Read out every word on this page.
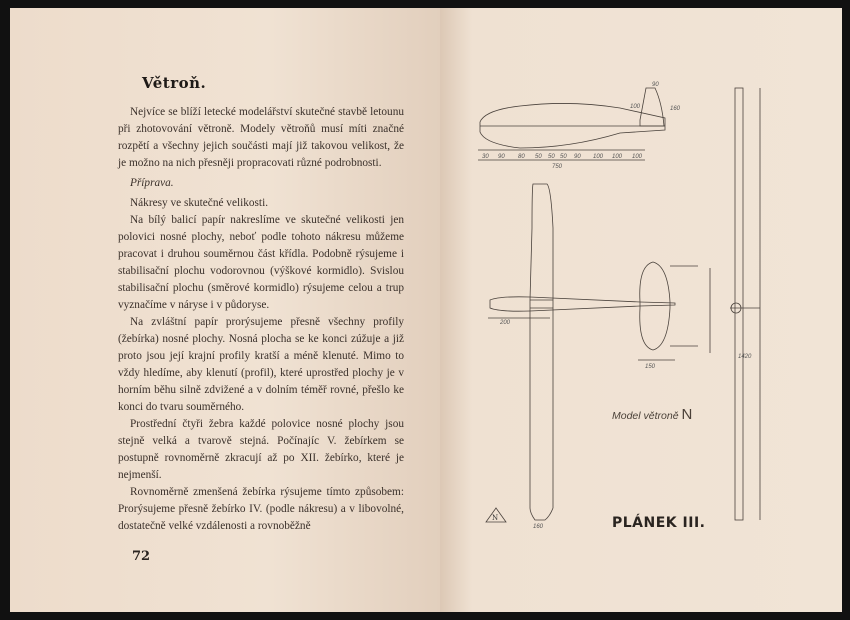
Větroň.

Nejvíce se blíží letecké modelářství skutečné stavbě letounu při zhotovování větroně. Modely větroňů musí míti značné rozpětí a všechny jejich součásti mají již takovou velikost, že je možno na nich přesněji propracovati různé podrobnosti.

Příprava.

Nákresy ve skutečné velikosti.

Na bílý balicí papír nakreslíme ve skutečné velikosti jen polovici nosné plochy, neboť podle tohoto nákresu můžeme pracovat i druhou souměrnou část křídla. Podobně rýsujeme i stabilisační plochu vodorovnou (výškové kormidlo). Svislou stabilisační plochu (směrové kormidlo) rýsujeme celou a trup vyznačíme v nárysе i v půdoryse.

Na zvláštní papír prorýsujeme přesně všechny profily (žebírka) nosné plochy. Nosná plocha se ke konci zúžuje a již proto jsou její krajní profily kratší a méně klenuté. Mimo to vždy hledíme, aby klenutí (profil), které uprostřed plochy je v horním běhu silně zdvižené a v dolním téměř rovné, přešlo ke konci do tvaru souměrného.

Prostřední čtyři žebra každé polovice nosné plochy jsou stejně velká a tvarově stejná. Počínajíc V. žebírkem se postupně rovnoměrně zkracují až po XII. žebírko, které je nejmenší.

Rovnoměrně zmenšená žebírka rýsujeme tímto způsobem: Prorýsujeme přesně žebírko IV. (podle nákresu) a v libovolné, dostatečně velké vzdálenosti a rovnoběžně

72
90
160
100
30 90 80 50 50 50 90 100 100 100
750
200
150
1420
160
N
Model větroně N
PLÁNEK III.
